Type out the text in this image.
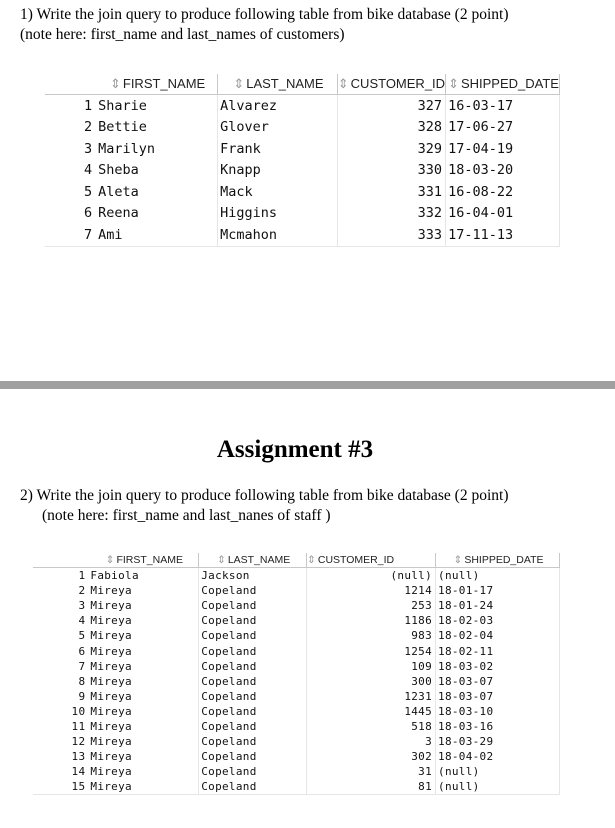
1) Write the join query to produce following table from bike database (2 point)
(note here: first_name and last_names of customers)
	⇕ FIRST_NAME	⇕ LAST_NAME	⇕ CUSTOMER_ID	⇕ SHIPPED_DATE
1	Sharie	Alvarez	327	16-03-17
2	Bettie	Glover	328	17-06-27
3	Marilyn	Frank	329	17-04-19
4	Sheba	Knapp	330	18-03-20
5	Aleta	Mack	331	16-08-22
6	Reena	Higgins	332	16-04-01
7	Ami	Mcmahon	333	17-11-13
Assignment #3
2) Write the join query to produce following table from bike database (2 point)
(note here: first_name and last_nanes of staff )
	⇕ FIRST_NAME	⇕ LAST_NAME	⇕ CUSTOMER_ID	⇕ SHIPPED_DATE
1	Fabiola	Jackson	(null)	(null)
2	Mireya	Copeland	1214	18-01-17
3	Mireya	Copeland	253	18-01-24
4	Mireya	Copeland	1186	18-02-03
5	Mireya	Copeland	983	18-02-04
6	Mireya	Copeland	1254	18-02-11
7	Mireya	Copeland	109	18-03-02
8	Mireya	Copeland	300	18-03-07
9	Mireya	Copeland	1231	18-03-07
10	Mireya	Copeland	1445	18-03-10
11	Mireya	Copeland	518	18-03-16
12	Mireya	Copeland	3	18-03-29
13	Mireya	Copeland	302	18-04-02
14	Mireya	Copeland	31	(null)
15	Mireya	Copeland	81	(null)
